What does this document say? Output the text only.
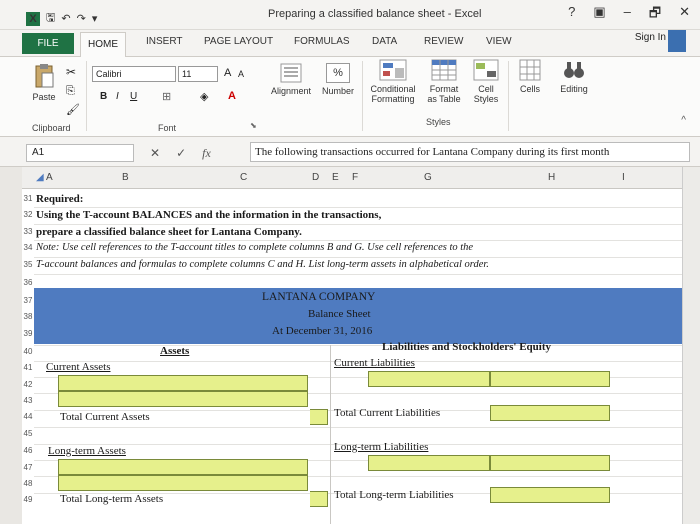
X 🖫 ↶ ↷ ▾	Preparing a classified balance sheet - Excel	? ▣ – 🗗 ✕
FILE	HOME	INSERT PAGE LAYOUT FORMULAS DATA	REVIEW VIEW	Sign In
Paste
✂
⎘
🖌
Clipboard
Calibri	11	A A
B I U ⊞	◈ A
Font	⬊
Alignment
%
Number	Conditional Formatting
Format as Table
Cell Styles
Styles
Cells	Editing
^
A1	✕ ✓ fx	The following transactions occurred for Lantana Company during its first month
◢ A	B	C	D E F	G	H	I
31
32
33
34
35
36
37
38
39
40
41
42
43
44
45
46
47
48
49
Required:
Using the T-account BALANCES and the information in the transactions,
prepare a classified balance sheet for Lantana Company.
Note: Use cell references to the T-account titles to complete columns B and G. Use cell references to the
T-account balances and formulas to complete columns C and H. List long-term assets in alphabetical order.
LANTANA COMPANY
Balance Sheet
At December 31, 2016
Assets	Liabilities and Stockholders' Equity
Current Assets	Current Liabilities
Total Current Assets	Total Current Liabilities
Long-term Assets	Long-term Liabilities
Total Long-term Assets	Total Long-term Liabilities
